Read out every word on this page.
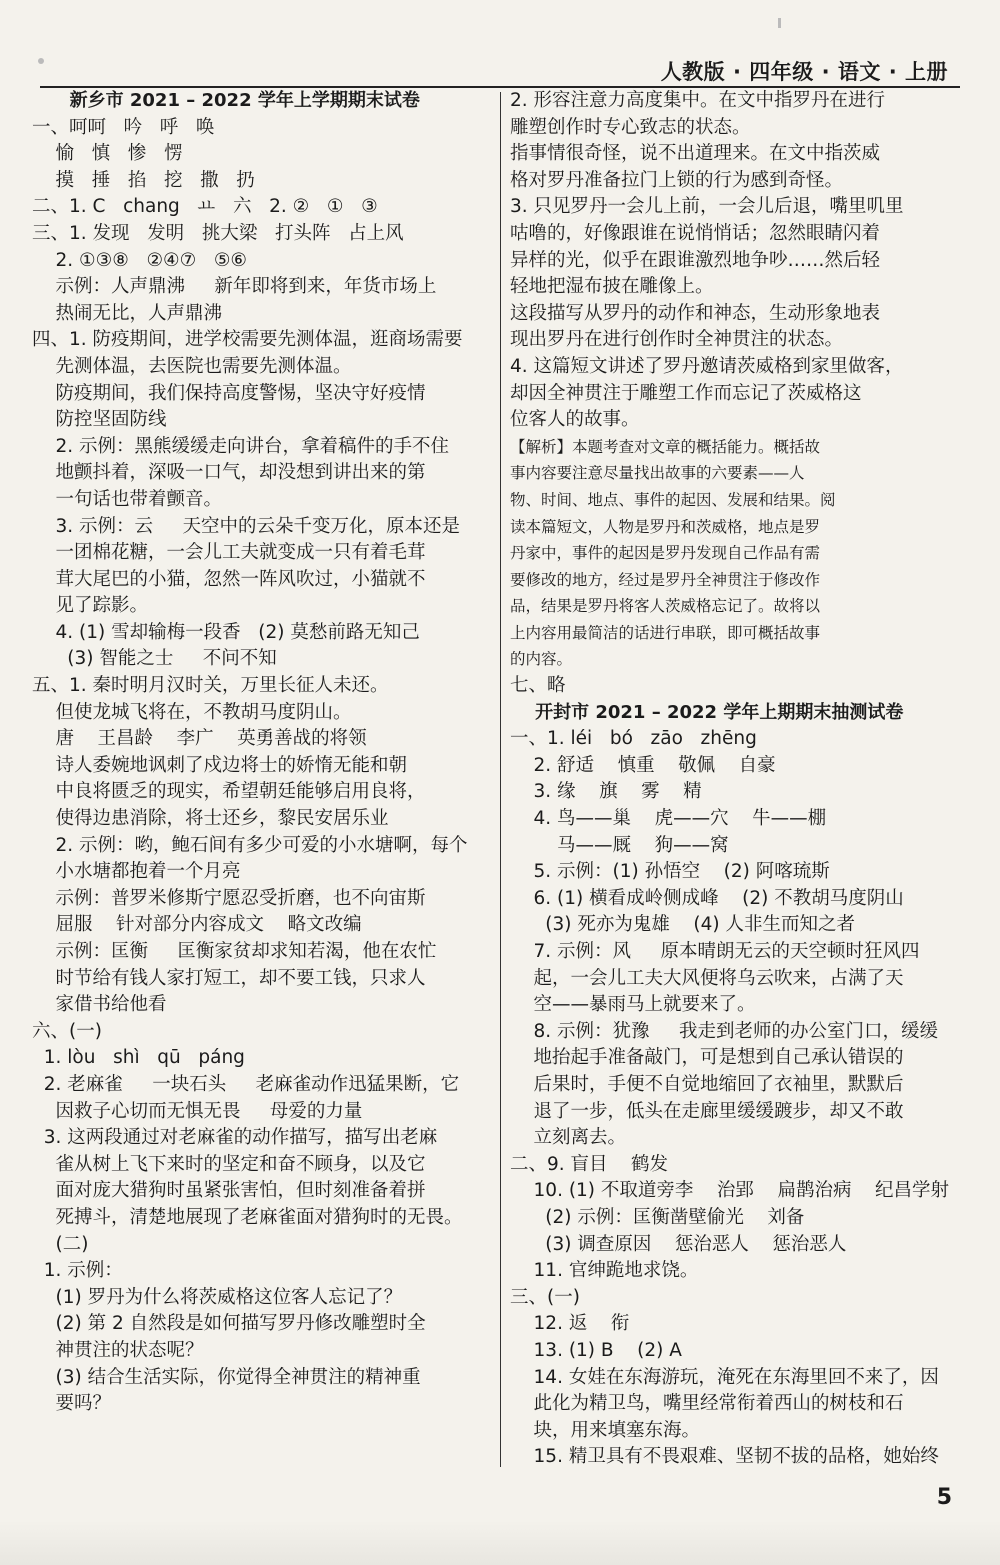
人教版 · 四年级 · 语文 · 上册
新乡市 2021 – 2022 学年上学期期末试卷
一、呵呵   吟   呼   唤
愉   慎   惨   愣
摸   捶   掐   挖   撒   扔
二、1. C   chang   ㅛ   六   2. ②   ①   ③
三、1. 发现   发明   挑大梁   打头阵   占上风
2. ①③⑧   ②④⑦   ⑤⑥
示例：人声鼎沸     新年即将到来，年货市场上
热闹无比，人声鼎沸
四、1. 防疫期间，进学校需要先测体温，逛商场需要
先测体温，去医院也需要先测体温。
防疫期间，我们保持高度警惕，坚决守好疫情
防控坚固防线
2. 示例：黑熊缓缓走向讲台，拿着稿件的手不住
地颤抖着，深吸一口气，却没想到讲出来的第
一句话也带着颤音。
3. 示例：云     天空中的云朵千变万化，原本还是
一团棉花糖，一会儿工夫就变成一只有着毛茸
茸大尾巴的小猫，忽然一阵风吹过，小猫就不
见了踪影。
4. (1) 雪却输梅一段香   (2) 莫愁前路无知己
(3) 智能之士     不问不知
五、1. 秦时明月汉时关，万里长征人未还。
但使龙城飞将在，不教胡马度阴山。
唐    王昌龄    李广    英勇善战的将领
诗人委婉地讽刺了戍边将士的娇惰无能和朝
中良将匮乏的现实，希望朝廷能够启用良将，
使得边患消除，将士还乡，黎民安居乐业
2. 示例：哟，鲍石间有多少可爱的小水塘啊，每个
小水塘都抱着一个月亮
示例：普罗米修斯宁愿忍受折磨，也不向宙斯
屈服    针对部分内容成文    略文改编
示例：匡衡     匡衡家贫却求知若渴，他在农忙
时节给有钱人家打短工，却不要工钱，只求人
家借书给他看
六、(一)
1. lòu   shì   qū   páng
2. 老麻雀     一块石头     老麻雀动作迅猛果断，它
因救子心切而无惧无畏     母爱的力量
3. 这两段通过对老麻雀的动作描写，描写出老麻
雀从树上飞下来时的坚定和奋不顾身，以及它
面对庞大猎狗时虽紧张害怕，但时刻准备着拼
死搏斗，清楚地展现了老麻雀面对猎狗时的无畏。
(二)
1. 示例：
(1) 罗丹为什么将茨威格这位客人忘记了？
(2) 第 2 自然段是如何描写罗丹修改雕塑时全
神贯注的状态呢？
(3) 结合生活实际，你觉得全神贯注的精神重
要吗？
2. 形容注意力高度集中。在文中指罗丹在进行
雕塑创作时专心致志的状态。
指事情很奇怪，说不出道理来。在文中指茨威
格对罗丹准备拉门上锁的行为感到奇怪。
3. 只见罗丹一会儿上前，一会儿后退，嘴里叽里
咕噜的，好像跟谁在说悄悄话；忽然眼睛闪着
异样的光，似乎在跟谁激烈地争吵……然后轻
轻地把湿布披在雕像上。
这段描写从罗丹的动作和神态，生动形象地表
现出罗丹在进行创作时全神贯注的状态。
4. 这篇短文讲述了罗丹邀请茨威格到家里做客，
却因全神贯注于雕塑工作而忘记了茨威格这
位客人的故事。
【解析】本题考查对文章的概括能力。概括故
事内容要注意尽量找出故事的六要素——人
物、时间、地点、事件的起因、发展和结果。阅
读本篇短文，人物是罗丹和茨威格，地点是罗
丹家中，事件的起因是罗丹发现自己作品有需
要修改的地方，经过是罗丹全神贯注于修改作
品，结果是罗丹将客人茨威格忘记了。故将以
上内容用最简洁的话进行串联，即可概括故事
的内容。
七、略
开封市 2021 – 2022 学年上期期末抽测试卷
一、1. léi   bó   zāo   zhēng
2. 舒适    慎重    敬佩    自豪
3. 缘    旗    雾    精
4. 鸟——巢    虎——穴    牛——棚
马——厩    狗——窝
5. 示例：(1) 孙悟空    (2) 阿喀琉斯
6. (1) 横看成岭侧成峰    (2) 不教胡马度阴山
(3) 死亦为鬼雄    (4) 人非生而知之者
7. 示例：风     原本晴朗无云的天空顿时狂风四
起，一会儿工夫大风便将乌云吹来，占满了天
空——暴雨马上就要来了。
8. 示例：犹豫     我走到老师的办公室门口，缓缓
地抬起手准备敲门，可是想到自己承认错误的
后果时，手便不自觉地缩回了衣袖里，默默后
退了一步，低头在走廊里缓缓踱步，却又不敢
立刻离去。
二、9. 盲目    鹤发
10. (1) 不取道旁李    治郢    扁鹊治病    纪昌学射
(2) 示例：匡衡凿壁偷光    刘备
(3) 调查原因    惩治恶人    惩治恶人
11. 官绅跪地求饶。
三、(一)
12. 返    衔
13. (1) B    (2) A
14. 女娃在东海游玩，淹死在东海里回不来了，因
此化为精卫鸟，嘴里经常衔着西山的树枝和石
块，用来填塞东海。
15. 精卫具有不畏艰难、坚韧不拔的品格，她始终
5
